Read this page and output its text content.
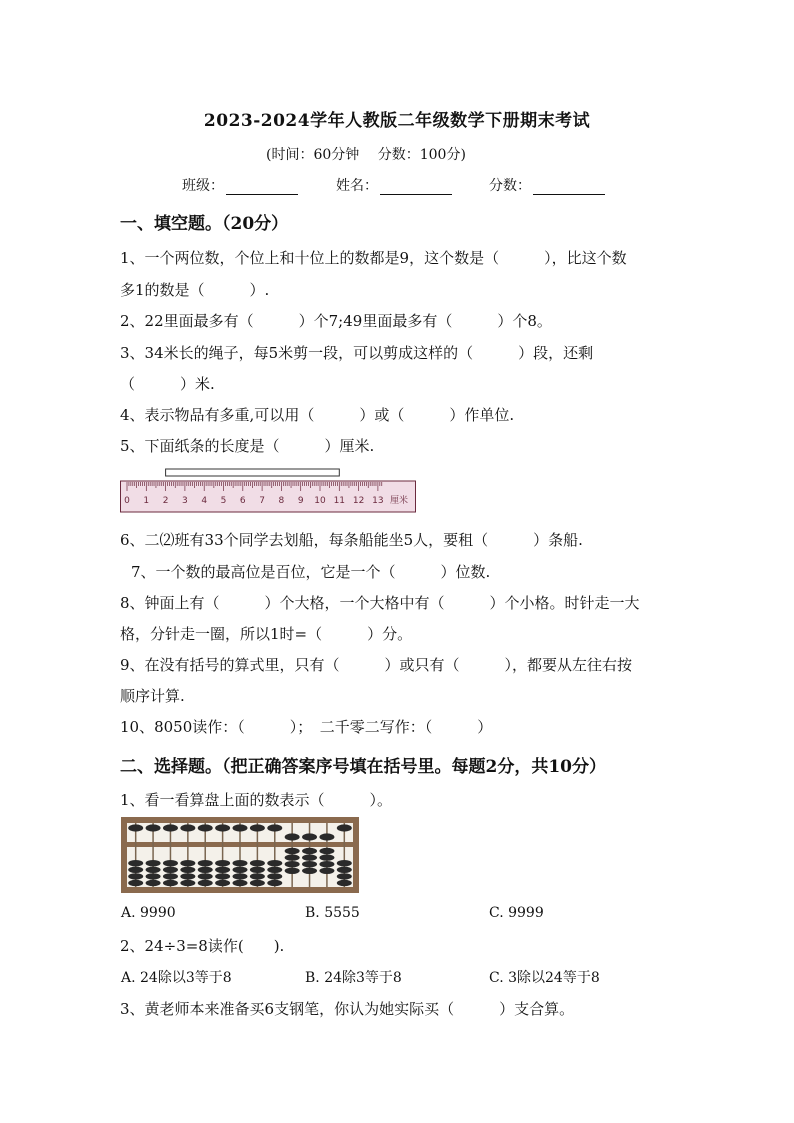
2023-2024学年人教版二年级数学下册期末考试
(时间：60分钟　 分数：100分)
班级：	姓名：	分数：
一、填空题。（20分）
1、一个两位数，个位上和十位上的数都是9，这个数是（　　　），比这个数
多1的数是（　　　）.
2、22里面最多有（　　　）个7;49里面最多有（　　　）个8。
3、34米长的绳子，每5米剪一段，可以剪成这样的（　　　）段，还剩
（　　　）米.
4、表示物品有多重,可以用（　　　）或（　　　）作单位.
5、下面纸条的长度是（　　　）厘米.
0 1 2 3 4 5 6 7 8 9 10 11 12 13 厘米
6、二⑵班有33个同学去划船，每条船能坐5人，要租（　　　）条船.
7、一个数的最高位是百位，它是一个（　　　）位数.
8、钟面上有（　　　）个大格，一个大格中有（　　　）个小格。时针走一大
格，分针走一圈，所以1时=（　　　）分。
9、在没有括号的算式里，只有（　　　）或只有（　　　），都要从左往右按
顺序计算.
10、8050读作：（　　　）；　二千零二写作：（　　　）
二、选择题。（把正确答案序号填在括号里。每题2分，共10分）
1、看一看算盘上面的数表示（　　　）。
A. 9990	B. 5555	C. 9999
2、24÷3=8读作(　　).
A. 24除以3等于8	B. 24除3等于8	C. 3除以24等于8
3、黄老师本来准备买6支钢笔，你认为她实际买（　　　）支合算。
